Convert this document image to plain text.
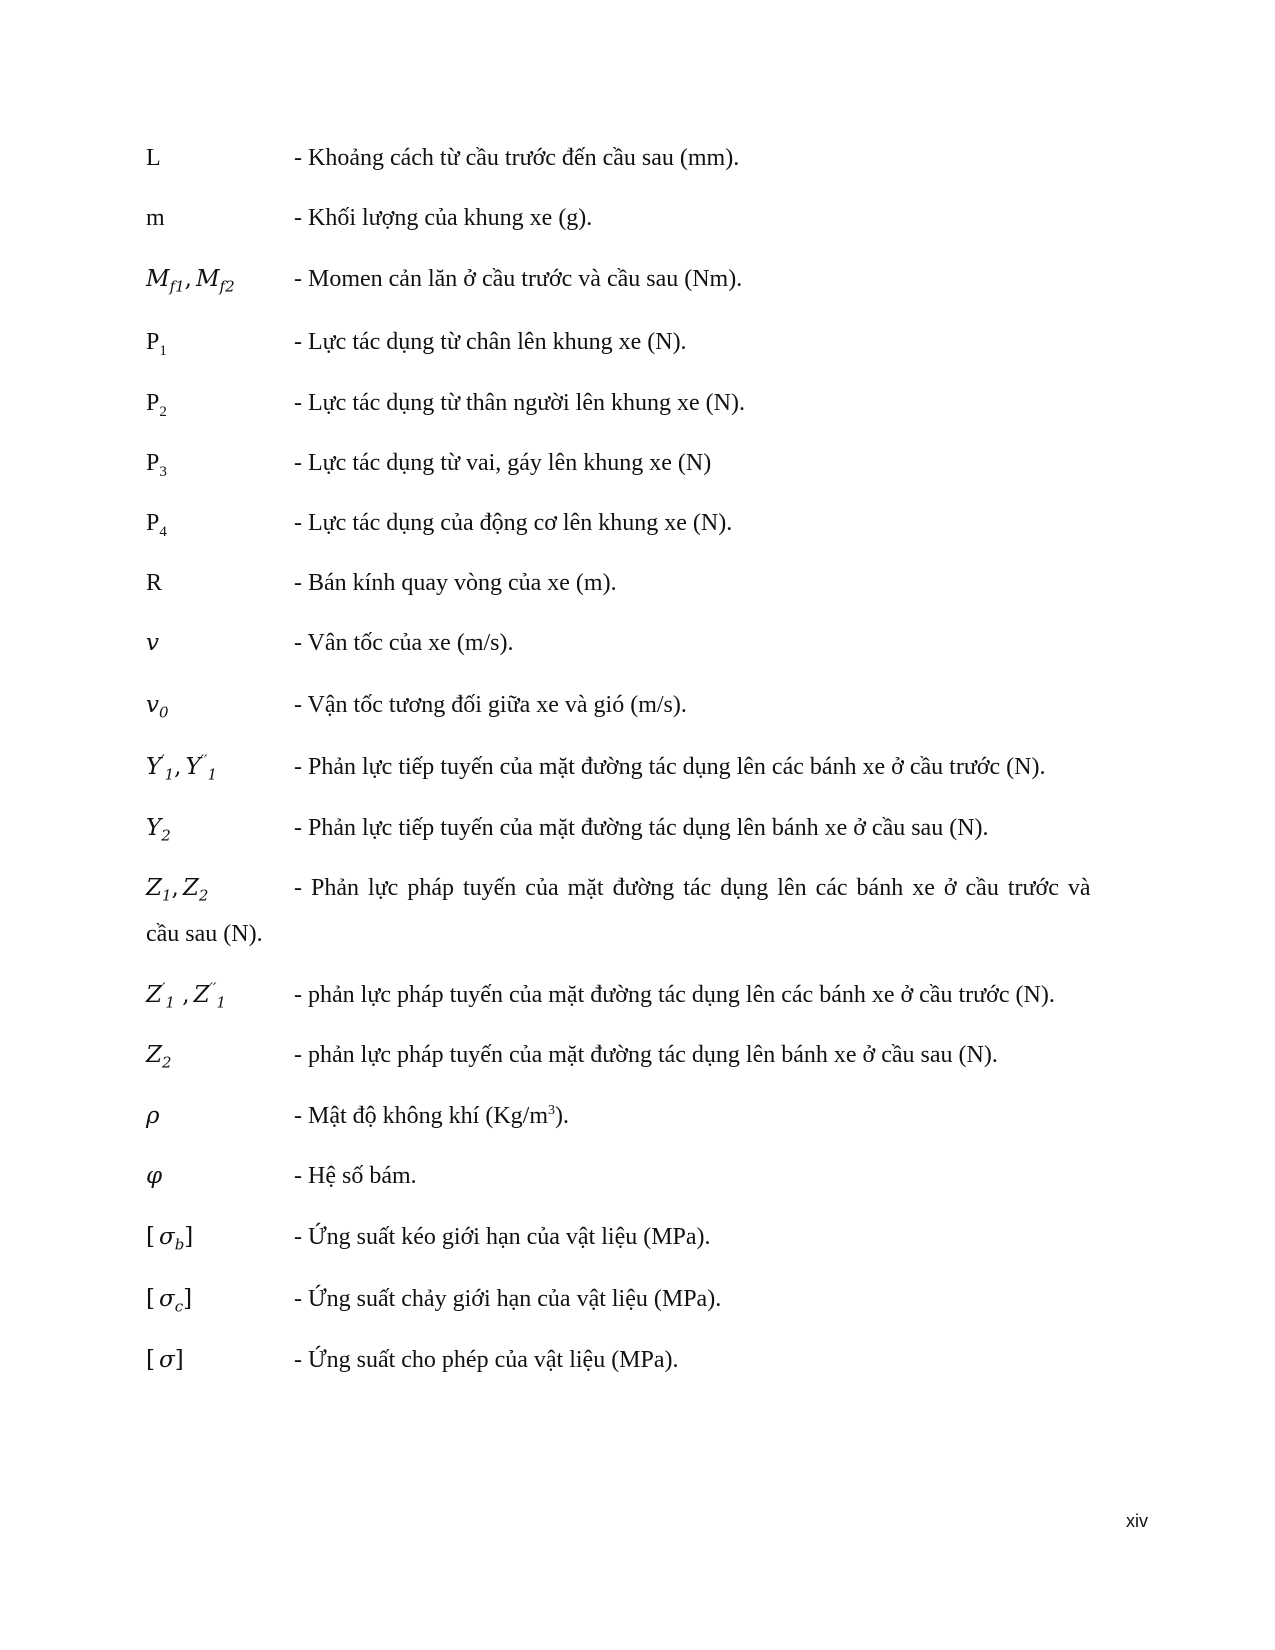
L	- Khoảng cách từ cầu trước đến cầu sau (mm).
m	- Khối lượng của khung xe (g).
$M_{f1}$, $M_{f2}$ - Momen cản lăn ở cầu trước và cầu sau (Nm).
$P_1$	- Lực tác dụng từ chân lên khung xe (N).
$P_2$	- Lực tác dụng từ thân người lên khung xe (N).
$P_3$	- Lực tác dụng từ vai, gáy lên khung xe (N)
$P_4$	- Lực tác dụng của động cơ lên khung xe (N).
R	- Bán kính quay vòng của xe (m).
v	- Vân tốc của xe (m/s).
$v_0$	- Vận tốc tương đối giữa xe và gió (m/s).
$Y'_1$, $Y''_1$	- Phản lực tiếp tuyến của mặt đường tác dụng lên các bánh xe ở cầu trước (N).
$Y_2$	- Phản lực tiếp tuyến của mặt đường tác dụng lên bánh xe ở cầu sau (N).
$Z_1$, $Z_2$	- Phản lực pháp tuyến của mặt đường tác dụng lên các bánh xe ở cầu trước và
cầu sau (N).
$Z'_1$ , $Z''_1$	- phản lực pháp tuyến của mặt đường tác dụng lên các bánh xe ở cầu trước (N).
$Z_2$	- phản lực pháp tuyến của mặt đường tác dụng lên bánh xe ở cầu sau (N).
ρ	- Mật độ không khí $(Kg/m^3)$.
φ	- Hệ số bám.
[ $\sigma_b$]	- Ứng suất kéo giới hạn của vật liệu (MPa).
[ $\sigma_c$]	- Ứng suất chảy giới hạn của vật liệu (MPa).
[ σ]	- Ứng suất cho phép của vật liệu (MPa).
xiv
